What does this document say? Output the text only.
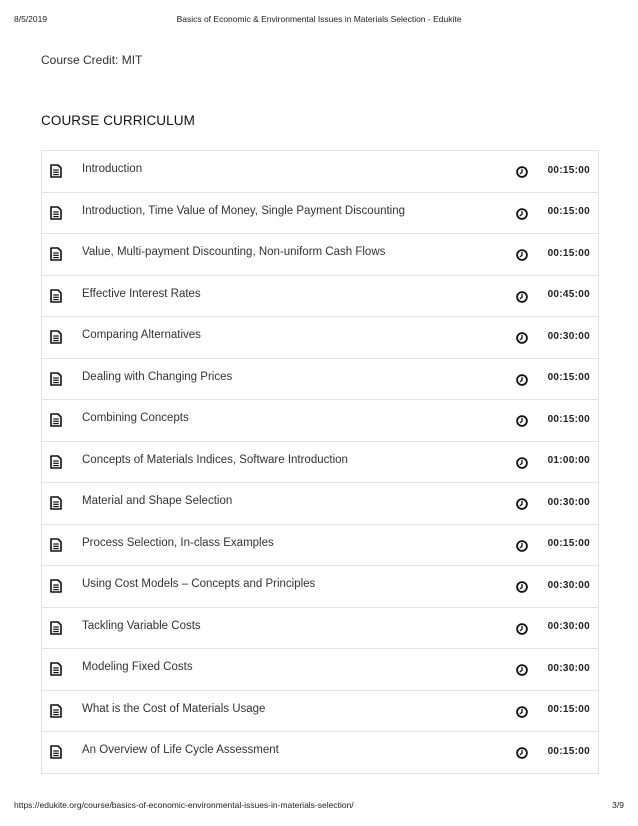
8/5/2019	Basics of Economic & Environmental Issues in Materials Selection - Edukite
Course Credit: MIT
COURSE CURRICULUM
Introduction	00:15:00
Introduction, Time Value of Money, Single Payment Discounting	00:15:00
Value, Multi-payment Discounting, Non-uniform Cash Flows	00:15:00
Effective Interest Rates	00:45:00
Comparing Alternatives	00:30:00
Dealing with Changing Prices	00:15:00
Combining Concepts	00:15:00
Concepts of Materials Indices, Software Introduction	01:00:00
Material and Shape Selection	00:30:00
Process Selection, In-class Examples	00:15:00
Using Cost Models – Concepts and Principles	00:30:00
Tackling Variable Costs	00:30:00
Modeling Fixed Costs	00:30:00
What is the Cost of Materials Usage	00:15:00
An Overview of Life Cycle Assessment	00:15:00
https://edukite.org/course/basics-of-economic-environmental-issues-in-materials-selection/	3/9
